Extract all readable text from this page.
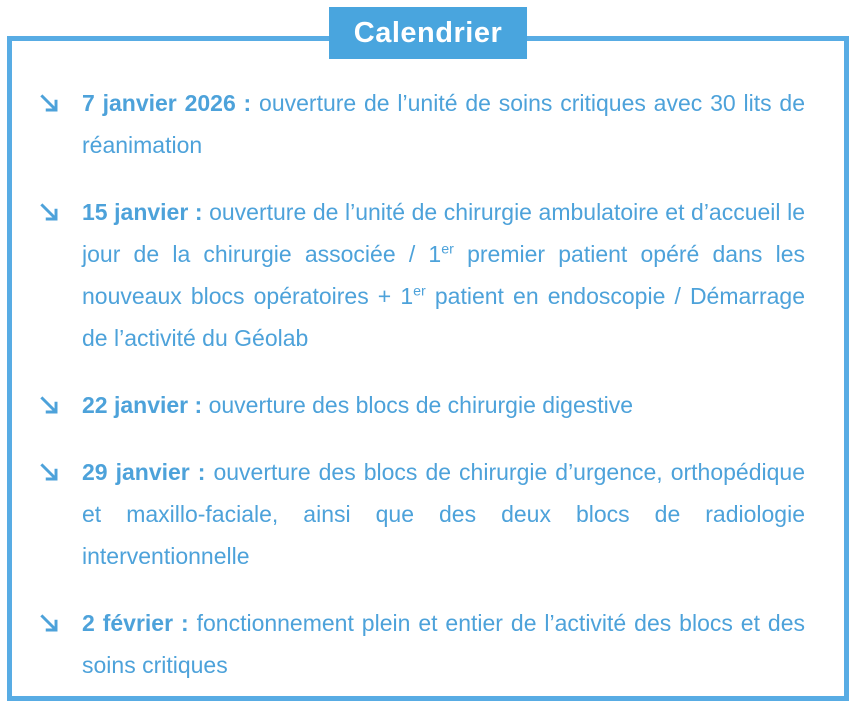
Calendrier
7 janvier 2026 : ouverture de l’unité de soins critiques avec 30 lits de réanimation
15 janvier : ouverture de l’unité de chirurgie ambulatoire et d’accueil le jour de la chirurgie associée / 1er premier patient opéré dans les nouveaux blocs opératoires + 1er patient en endoscopie / Démarrage de l’activité du Géolab
22 janvier : ouverture des blocs de chirurgie digestive
29 janvier : ouverture des blocs de chirurgie d’urgence, orthopédique et maxillo-faciale, ainsi que des deux blocs de radiologie interventionnelle
2 février : fonctionnement plein et entier de l’activité des blocs et des soins critiques
